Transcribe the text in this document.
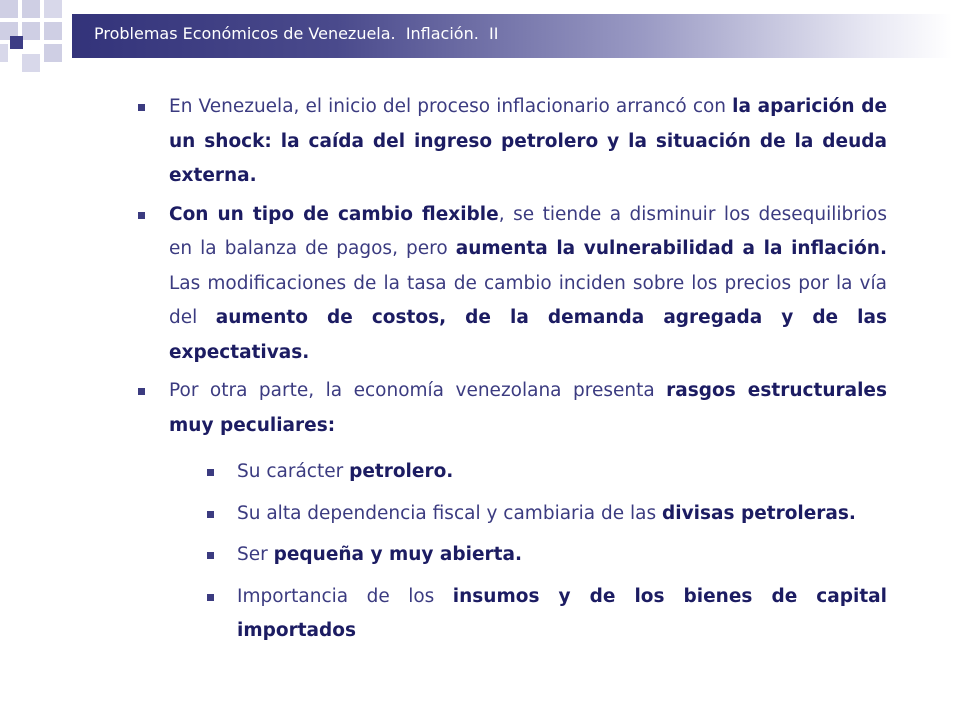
Problemas Económicos de Venezuela.  Inflación.  II

En Venezuela, el inicio del proceso inflacionario arrancó con la aparición de un shock: la caída del ingreso petrolero y la situación de la deuda externa.

Con un tipo de cambio flexible, se tiende a disminuir los desequilibrios en la balanza de pagos, pero aumenta la vulnerabilidad a la inflación. Las modificaciones de la tasa de cambio inciden sobre los precios por la vía del aumento de costos, de la demanda agregada y de las expectativas.

Por otra parte, la economía venezolana presenta rasgos estructurales muy peculiares:

Su carácter petrolero.

Su alta dependencia fiscal y cambiaria de las divisas petroleras.

Ser pequeña y muy abierta.

Importancia de los insumos y de los bienes de capital importados
